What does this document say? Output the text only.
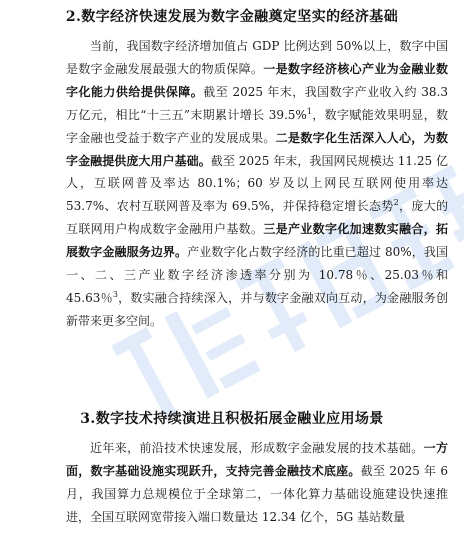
2.数字经济快速发展为数字金融奠定坚实的经济基础
当前，我国数字经济增加值占 GDP 比例达到 50%以上，数字中国是数字金融发展最强大的物质保障。一是数字经济核心产业为金融业数字化能力供给提供保障。截至 2025 年末，我国数字产业收入约 38.3 万亿元，相比“十三五”末期累计增长 39.5%$^1$，数字赋能效果明显，数字金融也受益于数字产业的发展成果。二是数字化生活深入人心，为数字金融提供庞大用户基础。截至 2025 年末，我国网民规模达 11.25 亿人，互联网普及率达 80.1%；60 岁及以上网民互联网使用率达 53.7%、农村互联网普及率为 69.5%，并保持稳定增长态势$^2$，庞大的互联网用户构成数字金融用户基数。三是产业数字化加速数实融合，拓展数字金融服务边界。产业数字化占数字经济的比重已超过 80%，我国一、二、三产业数字经济渗透率分别为 10.78％、25.03％和 45.63％$^3$，数实融合持续深入，并与数字金融双向互动，为金融服务创新带来更多空间。
3.数字技术持续演进且积极拓展金融业应用场景
近年来，前沿技术快速发展，形成数字金融发展的技术基础。一方面，数字基础设施实现跃升，支持完善金融技术底座。截至 2025 年 6 月，我国算力总规模位于全球第二，一体化算力基础设施建设快速推进，全国互联网宽带接入端口数量达 12.34 亿个，5G 基站数量
